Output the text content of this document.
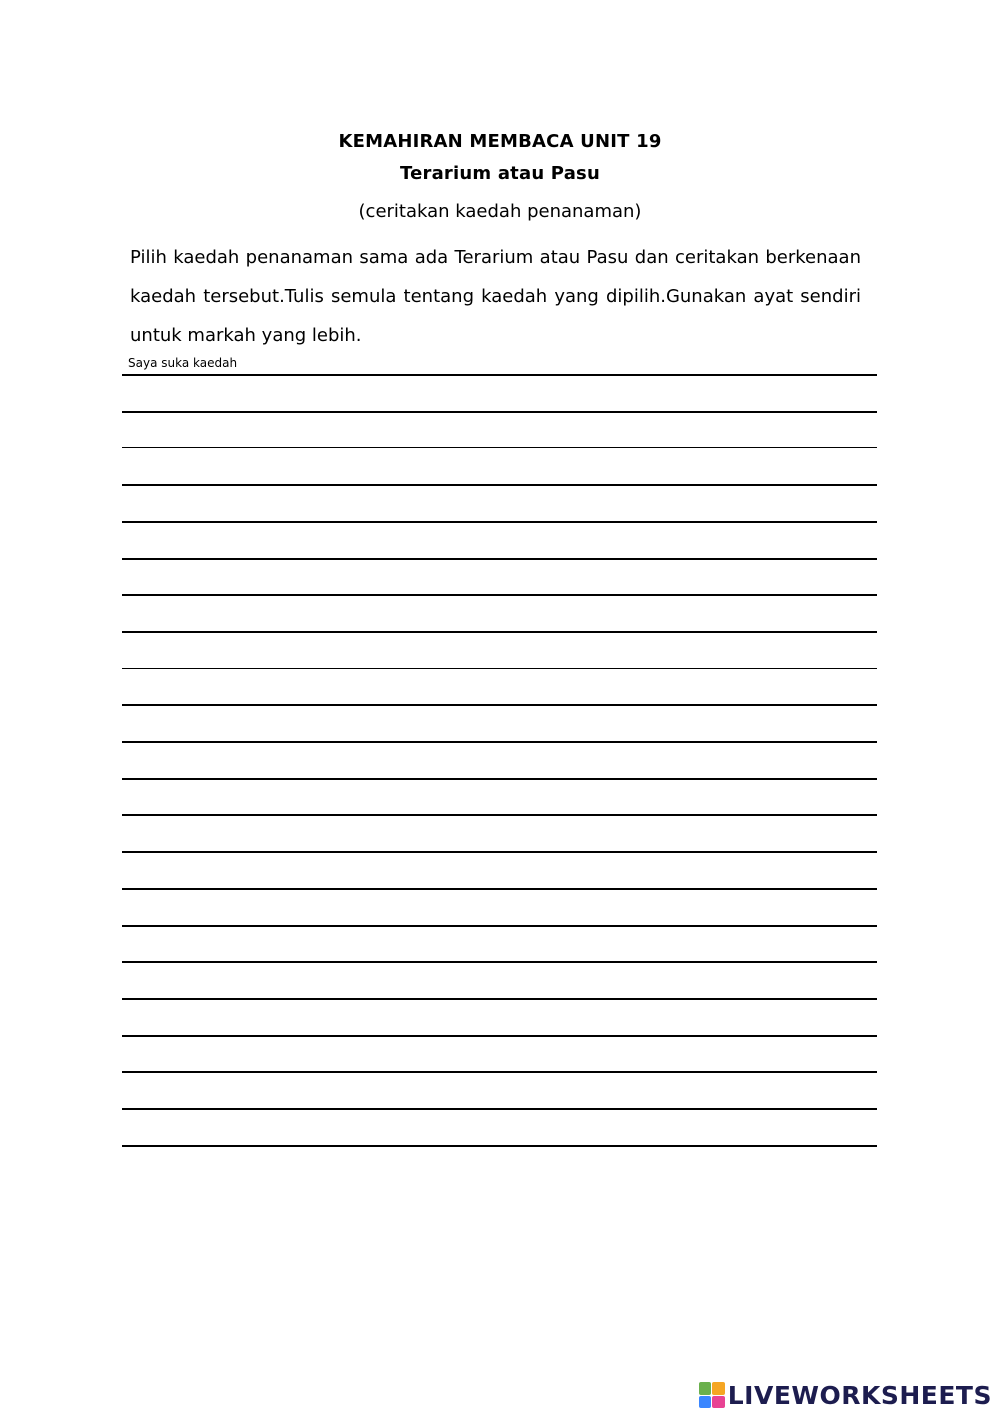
KEMAHIRAN MEMBACA UNIT 19
Terarium atau Pasu
(ceritakan kaedah penanaman)
Pilih kaedah penanaman sama ada Terarium atau Pasu dan ceritakan berkenaan kaedah tersebut.Tulis semula tentang kaedah yang dipilih.Gunakan ayat sendiri untuk markah yang lebih.
Saya suka kaedah
LIVEWORKSHEETS
